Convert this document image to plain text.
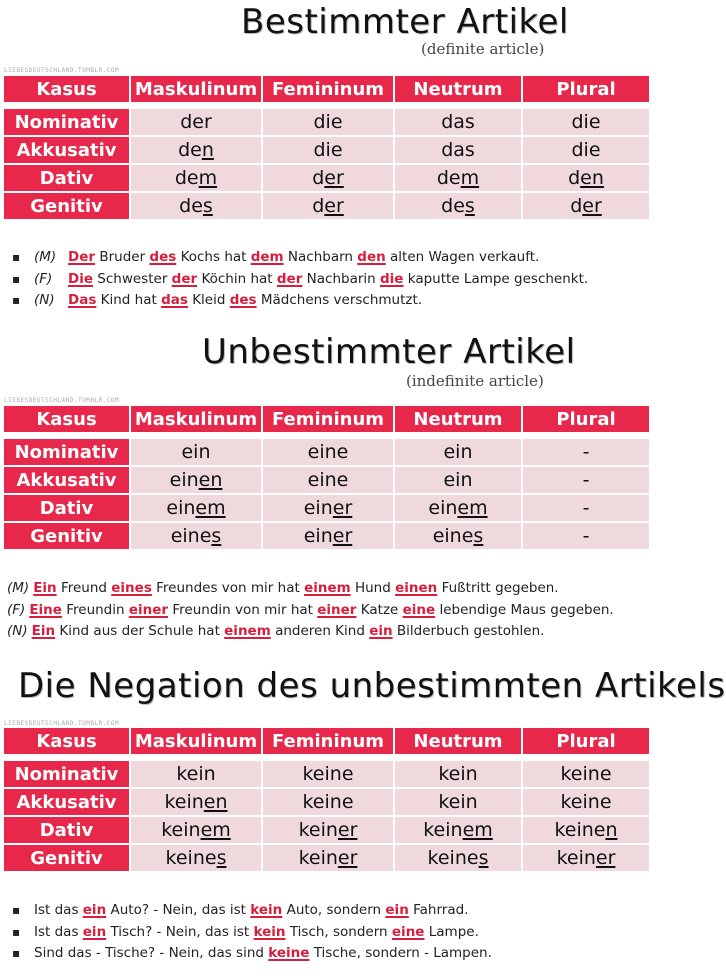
Bestimmter Artikel
(definite article)
LIEBESDEUTSCHLAND.TUMBLR.COM
Kasus	Maskulinum	Femininum	Neutrum	Plural

Nominativ	der	die	das	die
Akkusativ	den	die	das	die
Dativ	dem	der	dem	den
Genitiv	des	der	des	der
▪ (M) Der Bruder des Kochs hat dem Nachbarn den alten Wagen verkauft.
▪ (F) Die Schwester der Köchin hat der Nachbarin die kaputte Lampe geschenkt.
▪ (N) Das Kind hat das Kleid des Mädchens verschmutzt.
Unbestimmter Artikel
(indefinite article)
LIEBESDEUTSCHLAND.TUMBLR.COM
Kasus	Maskulinum	Femininum	Neutrum	Plural

Nominativ	ein	eine	ein	-
Akkusativ	einen	eine	ein	-
Dativ	einem	einer	einem	-
Genitiv	eines	einer	eines	-
(M) Ein Freund eines Freundes von mir hat einem Hund einen Fußtritt gegeben.
(F) Eine Freundin einer Freundin von mir hat einer Katze eine lebendige Maus gegeben.
(N) Ein Kind aus der Schule hat einem anderen Kind ein Bilderbuch gestohlen.
Die Negation des unbestimmten Artikels
LIEBESDEUTSCHLAND.TUMBLR.COM
Kasus	Maskulinum	Femininum	Neutrum	Plural

Nominativ	kein	keine	kein	keine
Akkusativ	keinen	keine	kein	keine
Dativ	keinem	keiner	keinem	keinen
Genitiv	keines	keiner	keines	keiner
▪ Ist das ein Auto? - Nein, das ist kein Auto, sondern ein Fahrrad.
▪ Ist das ein Tisch? - Nein, das ist kein Tisch, sondern eine Lampe.
▪ Sind das - Tische? - Nein, das sind keine Tische, sondern - Lampen.
